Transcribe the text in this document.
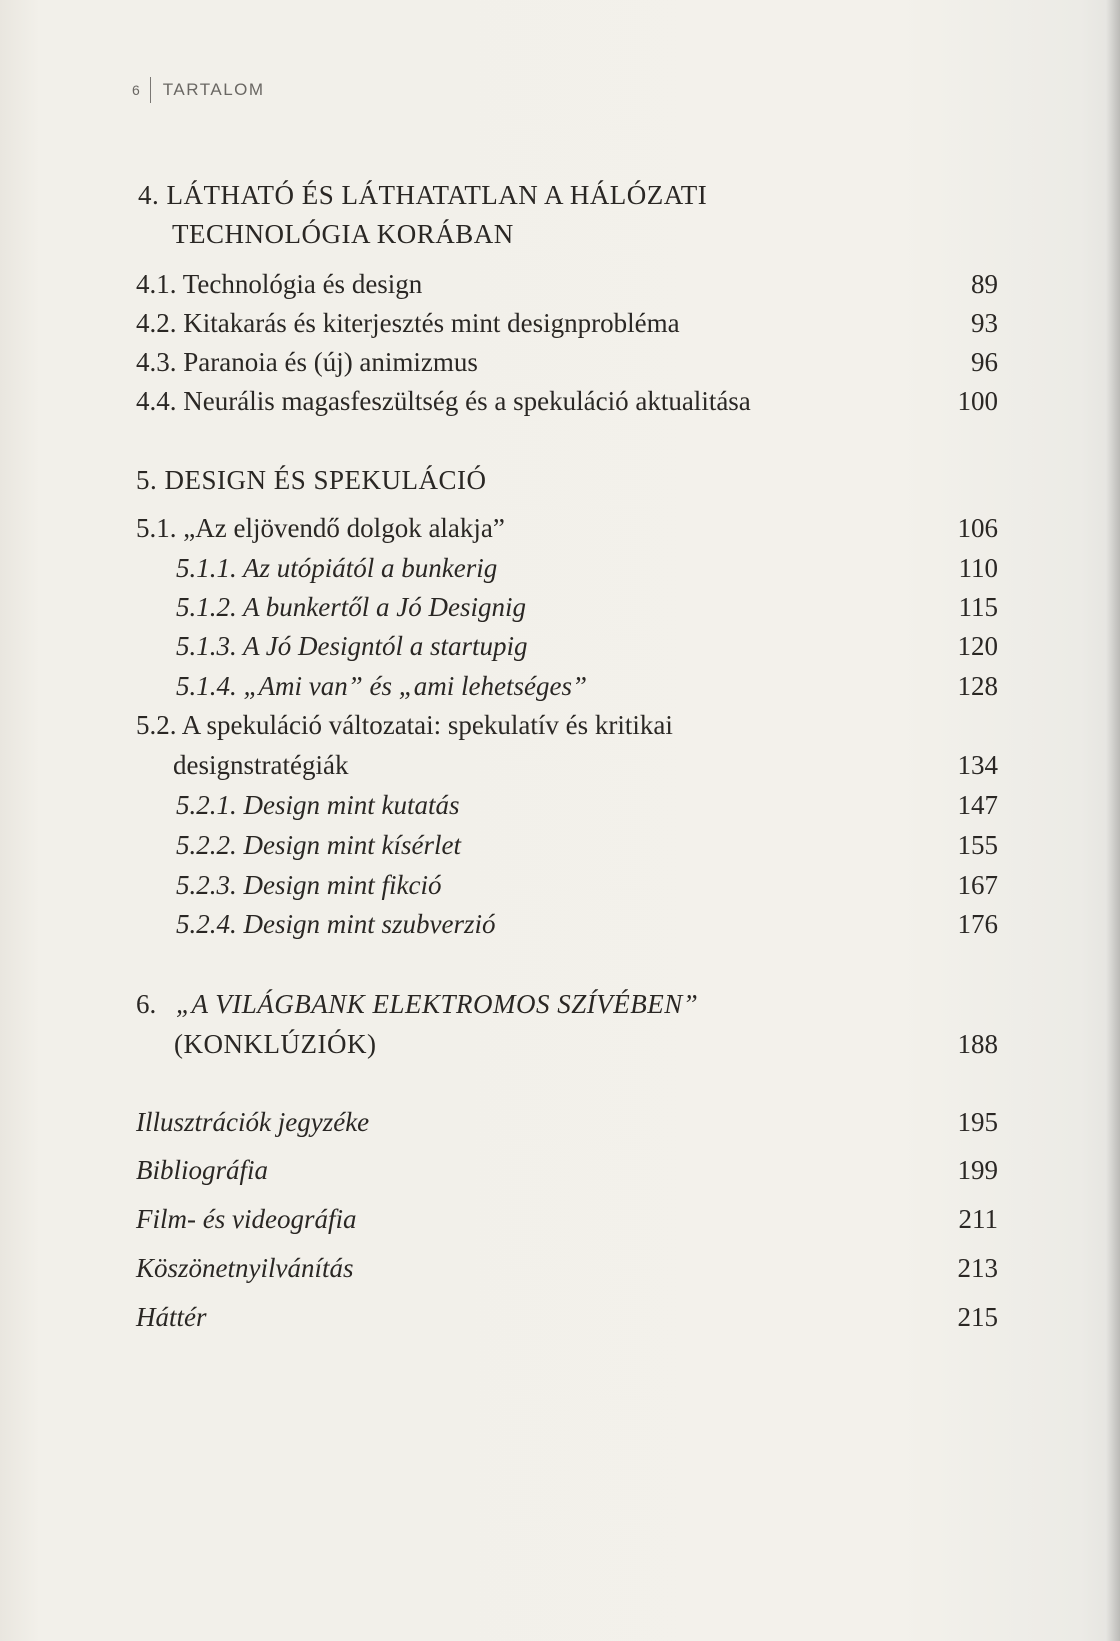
6 TARTALOM
4. LÁTHATÓ ÉS LÁTHATATLAN A HÁLÓZATI
TECHNOLÓGIA KORÁBAN
4.1. Technológia és design	89
4.2. Kitakarás és kiterjesztés mint designprobléma	93
4.3. Paranoia és (új) animizmus	96
4.4. Neurális magasfeszültség és a spekuláció aktualitása	100
5. DESIGN ÉS SPEKULÁCIÓ
5.1. „Az eljövendő dolgok alakja”	106
5.1.1. Az utópiától a bunkerig	110
5.1.2. A bunkertől a Jó Designig	115
5.1.3. A Jó Designtól a startupig	120
5.1.4. „Ami van” és „ami lehetséges”	128
5.2. A spekuláció változatai: spekulatív és kritikai
designstratégiák	134
5.2.1. Design mint kutatás	147
5.2.2. Design mint kísérlet	155
5.2.3. Design mint fikció	167
5.2.4. Design mint szubverzió	176
6. „A VILÁGBANK ELEKTROMOS SZÍVÉBEN”
(KONKLÚZIÓK)	188
Illusztrációk jegyzéke	195
Bibliográfia	199
Film- és videográfia	211
Köszönetnyilvánítás	213
Háttér	215
